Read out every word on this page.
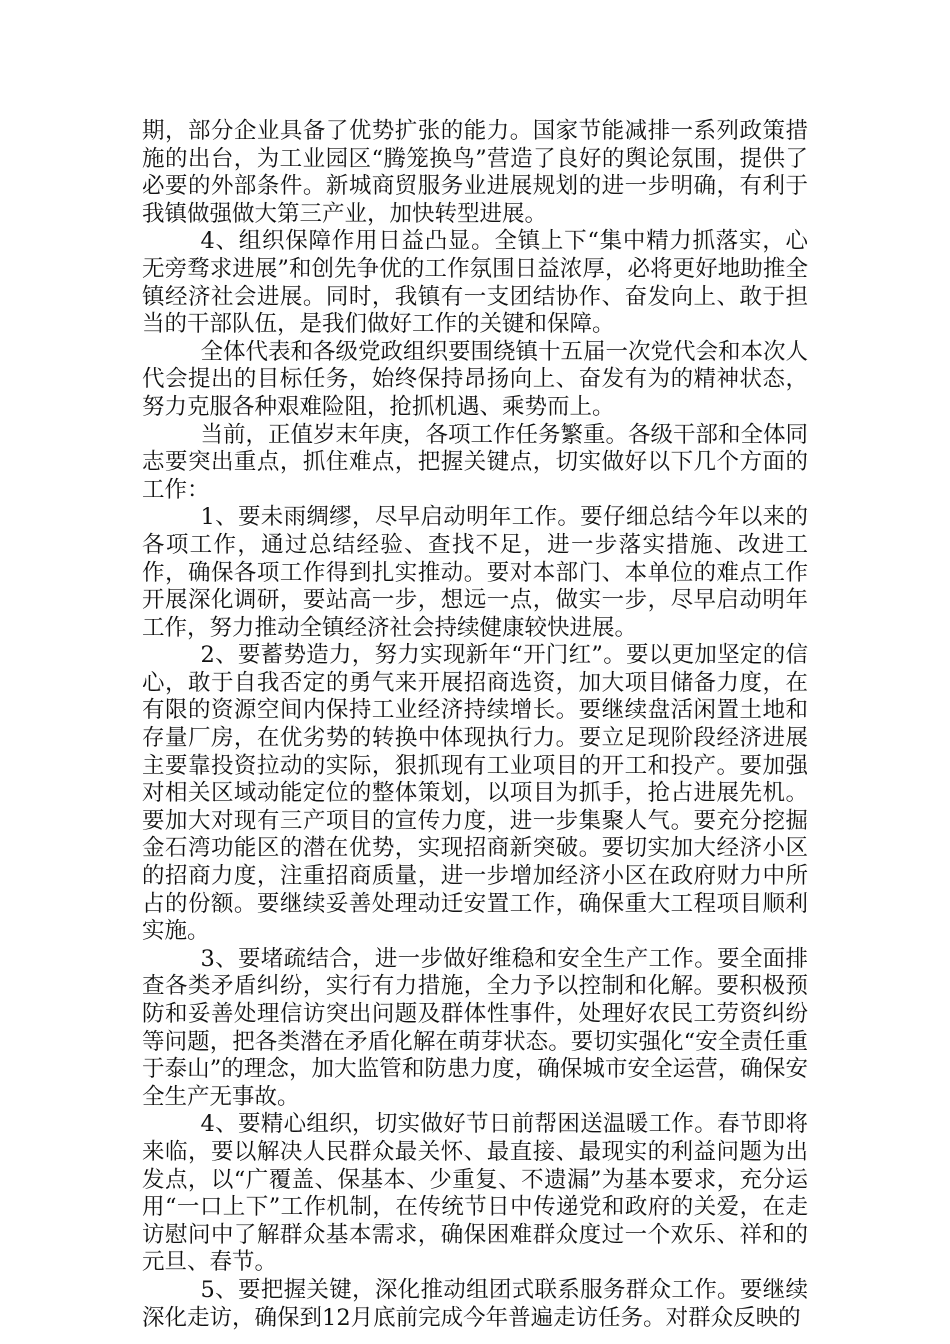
期，部分企业具备了优势扩张的能力。国家节能减排一系列政策措施的出台，为工业园区“腾笼换鸟”营造了良好的舆论氛围，提供了必要的外部条件。新城商贸服务业进展规划的进一步明确，有利于我镇做强做大第三产业，加快转型进展。

4、组织保障作用日益凸显。全镇上下“集中精力抓落实，心无旁骛求进展”和创先争优的工作氛围日益浓厚，必将更好地助推全镇经济社会进展。同时，我镇有一支团结协作、奋发向上、敢于担当的干部队伍，是我们做好工作的关键和保障。

全体代表和各级党政组织要围绕镇十五届一次党代会和本次人代会提出的目标任务，始终保持昂扬向上、奋发有为的精神状态，努力克服各种艰难险阻，抢抓机遇、乘势而上。

当前，正值岁末年庚，各项工作任务繁重。各级干部和全体同志要突出重点，抓住难点，把握关键点，切实做好以下几个方面的工作：

1、要未雨绸缪，尽早启动明年工作。要仔细总结今年以来的各项工作，通过总结经验、查找不足，进一步落实措施、改进工作，确保各项工作得到扎实推动。要对本部门、本单位的难点工作开展深化调研，要站高一步，想远一点，做实一步，尽早启动明年工作，努力推动全镇经济社会持续健康较快进展。

2、要蓄势造力，努力实现新年“开门红”。要以更加坚定的信心，敢于自我否定的勇气来开展招商选资，加大项目储备力度，在有限的资源空间内保持工业经济持续增长。要继续盘活闲置土地和存量厂房，在优劣势的转换中体现执行力。要立足现阶段经济进展主要靠投资拉动的实际，狠抓现有工业项目的开工和投产。要加强对相关区域动能定位的整体策划，以项目为抓手，抢占进展先机。要加大对现有三产项目的宣传力度，进一步集聚人气。要充分挖掘金石湾功能区的潜在优势，实现招商新突破。要切实加大经济小区的招商力度，注重招商质量，进一步增加经济小区在政府财力中所占的份额。要继续妥善处理动迁安置工作，确保重大工程项目顺利实施。

3、要堵疏结合，进一步做好维稳和安全生产工作。要全面排查各类矛盾纠纷，实行有力措施，全力予以控制和化解。要积极预防和妥善处理信访突出问题及群体性事件，处理好农民工劳资纠纷等问题，把各类潜在矛盾化解在萌芽状态。要切实强化“安全责任重于泰山”的理念，加大监管和防患力度，确保城市安全运营，确保安全生产无事故。

4、要精心组织，切实做好节日前帮困送温暖工作。春节即将来临，要以解决人民群众最关怀、最直接、最现实的利益问题为出发点，以“广覆盖、保基本、少重复、不遗漏”为基本要求，充分运用“一口上下”工作机制，在传统节日中传递党和政府的关爱，在走访慰问中了解群众基本需求，确保困难群众度过一个欢乐、祥和的元旦、春节。

5、要把握关键，深化推动组团式联系服务群众工作。要继续深化走访，确保到12月底前完成今年普遍走访任务。对群众反映的
